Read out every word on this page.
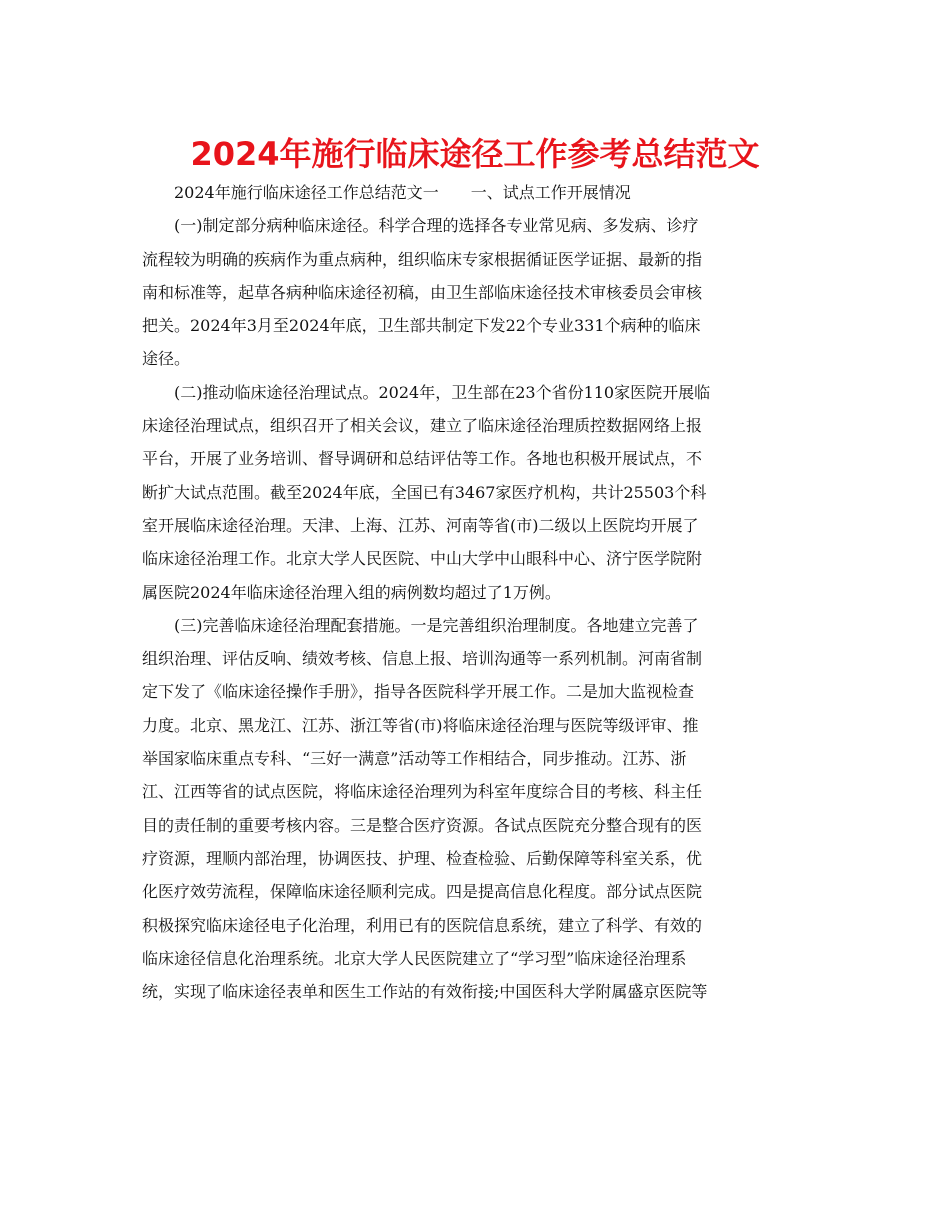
2024年施行临床途径工作参考总结范文
2024年施行临床途径工作总结范文一　　一、试点工作开展情况
(一)制定部分病种临床途径。科学合理的选择各专业常见病、多发病、诊疗
流程较为明确的疾病作为重点病种，组织临床专家根据循证医学证据、最新的指
南和标准等，起草各病种临床途径初稿，由卫生部临床途径技术审核委员会审核
把关。2024年3月至2024年底，卫生部共制定下发22个专业331个病种的临床
途径。
(二)推动临床途径治理试点。2024年，卫生部在23个省份110家医院开展临
床途径治理试点，组织召开了相关会议，建立了临床途径治理质控数据网络上报
平台，开展了业务培训、督导调研和总结评估等工作。各地也积极开展试点，不
断扩大试点范围。截至2024年底，全国已有3467家医疗机构，共计25503个科
室开展临床途径治理。天津、上海、江苏、河南等省(市)二级以上医院均开展了
临床途径治理工作。北京大学人民医院、中山大学中山眼科中心、济宁医学院附
属医院2024年临床途径治理入组的病例数均超过了1万例。
(三)完善临床途径治理配套措施。一是完善组织治理制度。各地建立完善了
组织治理、评估反响、绩效考核、信息上报、培训沟通等一系列机制。河南省制
定下发了《临床途径操作手册》，指导各医院科学开展工作。二是加大监视检查
力度。北京、黑龙江、江苏、浙江等省(市)将临床途径治理与医院等级评审、推
举国家临床重点专科、“三好一满意”活动等工作相结合，同步推动。江苏、浙
江、江西等省的试点医院，将临床途径治理列为科室年度综合目的考核、科主任
目的责任制的重要考核内容。三是整合医疗资源。各试点医院充分整合现有的医
疗资源，理顺内部治理，协调医技、护理、检查检验、后勤保障等科室关系，优
化医疗效劳流程，保障临床途径顺利完成。四是提高信息化程度。部分试点医院
积极探究临床途径电子化治理，利用已有的医院信息系统，建立了科学、有效的
临床途径信息化治理系统。北京大学人民医院建立了“学习型”临床途径治理系
统，实现了临床途径表单和医生工作站的有效衔接;中国医科大学附属盛京医院等
